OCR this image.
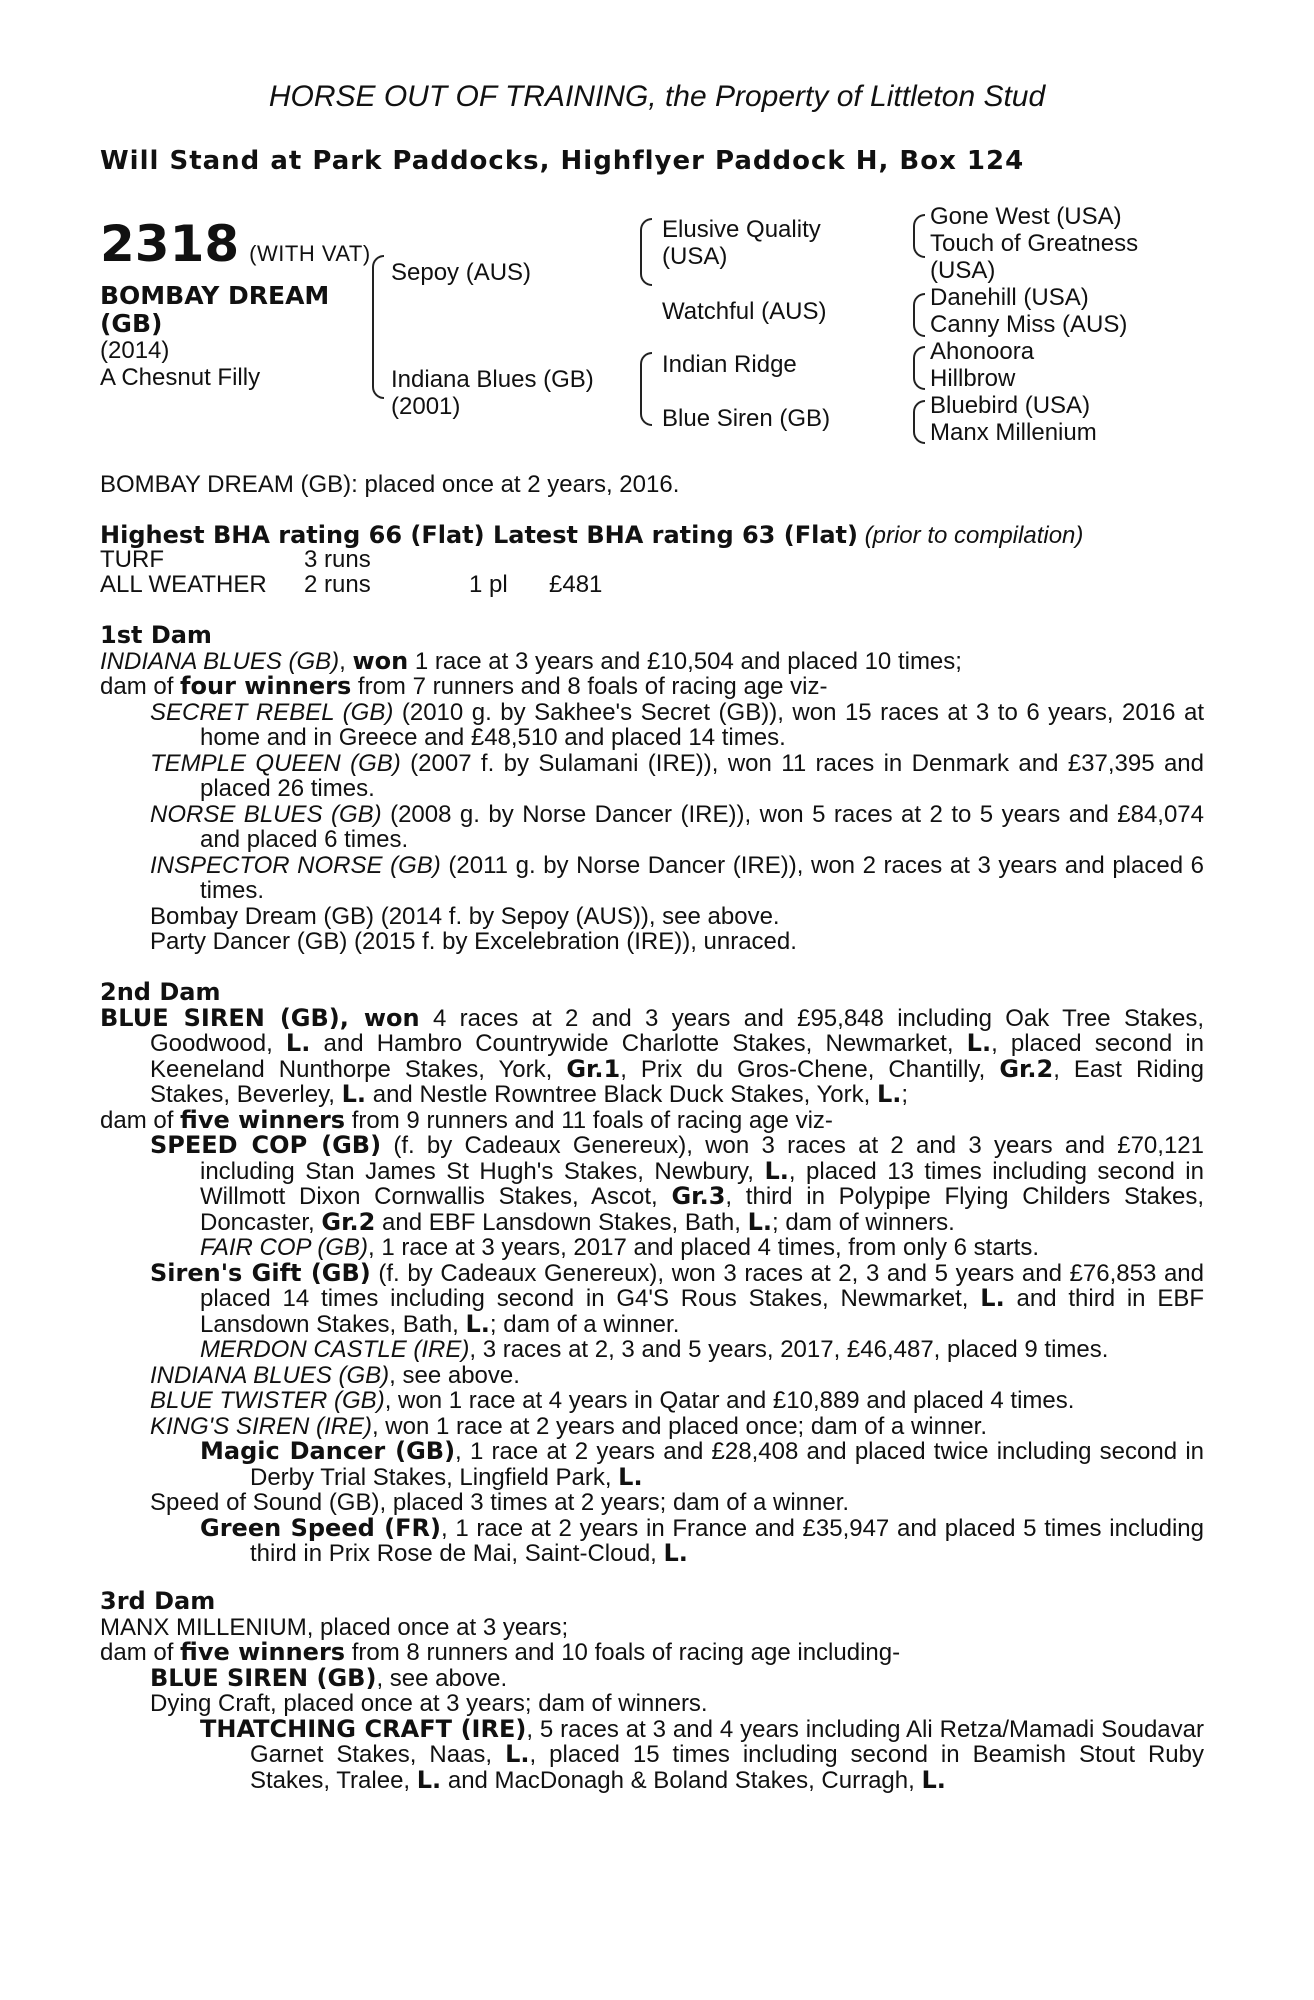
HORSE OUT OF TRAINING, the Property of Littleton Stud
Will Stand at Park Paddocks, Highflyer Paddock H, Box 124
2318 (WITH VAT)
BOMBAY DREAM
(GB)
(2014)
A Chesnut Filly
Sepoy (AUS)
Indiana Blues (GB)
(2001)
Elusive Quality
(USA)
Watchful (AUS)
Indian Ridge
Blue Siren (GB)
Gone West (USA)
Touch of Greatness
(USA)
Danehill (USA)
Canny Miss (AUS)
Ahonoora
Hillbrow
Bluebird (USA)
Manx Millenium
BOMBAY DREAM (GB): placed once at 2 years, 2016.
Highest BHA rating 66 (Flat) Latest BHA rating 63 (Flat) (prior to compilation)
TURF	3 runs
ALL WEATHER 2 runs	1 pl £481

1st Dam

INDIANA BLUES (GB), won 1 race at 3 years and £10,504 and placed 10 times;

dam of four winners from 7 runners and 8 foals of racing age viz-

SECRET REBEL (GB) (2010 g. by Sakhee's Secret (GB)), won 15 races at 3 to 6 years, 2016 at home and in Greece and £48,510 and placed 14 times.

TEMPLE QUEEN (GB) (2007 f. by Sulamani (IRE)), won 11 races in Denmark and £37,395 and placed 26 times.

NORSE BLUES (GB) (2008 g. by Norse Dancer (IRE)), won 5 races at 2 to 5 years and £84,074 and placed 6 times.

INSPECTOR NORSE (GB) (2011 g. by Norse Dancer (IRE)), won 2 races at 3 years and placed 6 times.

Bombay Dream (GB) (2014 f. by Sepoy (AUS)), see above.

Party Dancer (GB) (2015 f. by Excelebration (IRE)), unraced.

2nd Dam

BLUE SIREN (GB), won 4 races at 2 and 3 years and £95,848 including Oak Tree Stakes, Goodwood, L. and Hambro Countrywide Charlotte Stakes, Newmarket, L., placed second in Keeneland Nunthorpe Stakes, York, Gr.1, Prix du Gros-Chene, Chantilly, Gr.2, East Riding Stakes, Beverley, L. and Nestle Rowntree Black Duck Stakes, York, L.;

dam of five winners from 9 runners and 11 foals of racing age viz-

SPEED COP (GB) (f. by Cadeaux Genereux), won 3 races at 2 and 3 years and £70,121 including Stan James St Hugh's Stakes, Newbury, L., placed 13 times including second in Willmott Dixon Cornwallis Stakes, Ascot, Gr.3, third in Polypipe Flying Childers Stakes, Doncaster, Gr.2 and EBF Lansdown Stakes, Bath, L.; dam of winners.

FAIR COP (GB), 1 race at 3 years, 2017 and placed 4 times, from only 6 starts.

Siren's Gift (GB) (f. by Cadeaux Genereux), won 3 races at 2, 3 and 5 years and £76,853 and placed 14 times including second in G4'S Rous Stakes, Newmarket, L. and third in EBF Lansdown Stakes, Bath, L.; dam of a winner.

MERDON CASTLE (IRE), 3 races at 2, 3 and 5 years, 2017, £46,487, placed 9 times.

INDIANA BLUES (GB), see above.

BLUE TWISTER (GB), won 1 race at 4 years in Qatar and £10,889 and placed 4 times.

KING'S SIREN (IRE), won 1 race at 2 years and placed once; dam of a winner.

Magic Dancer (GB), 1 race at 2 years and £28,408 and placed twice including second in Derby Trial Stakes, Lingfield Park, L.

Speed of Sound (GB), placed 3 times at 2 years; dam of a winner.

Green Speed (FR), 1 race at 2 years in France and £35,947 and placed 5 times including third in Prix Rose de Mai, Saint-Cloud, L.

3rd Dam

MANX MILLENIUM, placed once at 3 years;

dam of five winners from 8 runners and 10 foals of racing age including-

BLUE SIREN (GB), see above.

Dying Craft, placed once at 3 years; dam of winners.

THATCHING CRAFT (IRE), 5 races at 3 and 4 years including Ali Retza/Mamadi Soudavar Garnet Stakes, Naas, L., placed 15 times including second in Beamish Stout Ruby Stakes, Tralee, L. and MacDonagh & Boland Stakes, Curragh, L.
